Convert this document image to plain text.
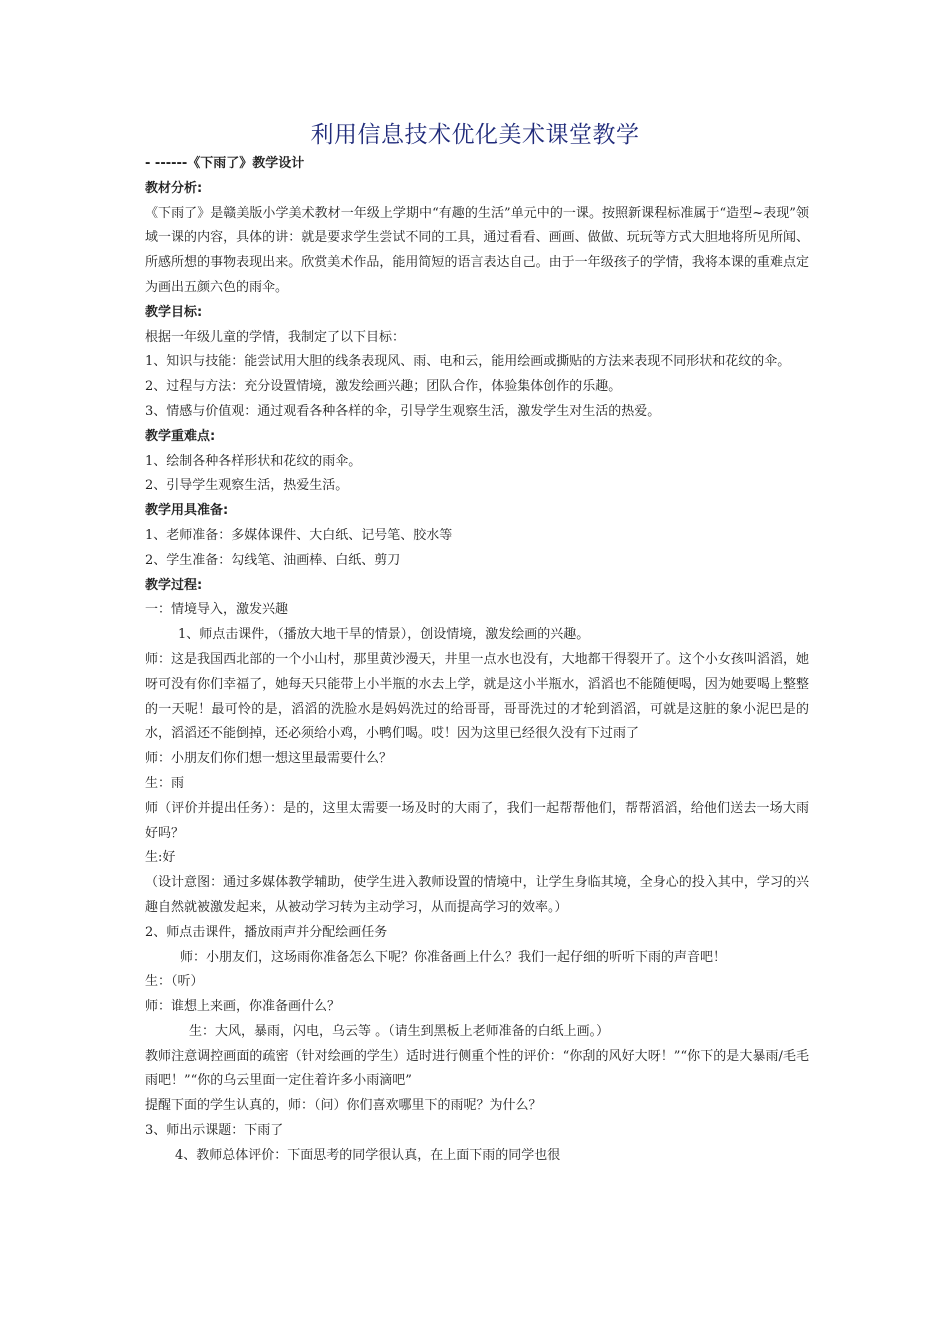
利用信息技术优化美术课堂教学

- ------《下雨了》教学设计

教材分析:

《下雨了》是赣美版小学美术教材一年级上学期中“有趣的生活”单元中的一课。按照新课程标准属于“造型~表现”领域一课的内容，具体的讲：就是要求学生尝试不同的工具，通过看看、画画、做做、玩玩等方式大胆地将所见所闻、所感所想的事物表现出来。欣赏美术作品，能用简短的语言表达自己。由于一年级孩子的学情，我将本课的重难点定为画出五颜六色的雨伞。

教学目标:

根据一年级儿童的学情，我制定了以下目标：

1、知识与技能：能尝试用大胆的线条表现风、雨、电和云，能用绘画或撕贴的方法来表现不同形状和花纹的伞。

2、过程与方法：充分设置情境，激发绘画兴趣；团队合作，体验集体创作的乐趣。

3、情感与价值观：通过观看各种各样的伞，引导学生观察生活，激发学生对生活的热爱。

教学重难点:

1、绘制各种各样形状和花纹的雨伞。

2、引导学生观察生活，热爱生活。

教学用具准备:

1、老师准备：多媒体课件、大白纸、记号笔、胶水等

2、学生准备：勾线笔、油画棒、白纸、剪刀

教学过程:

一：情境导入，激发兴趣

1、师点击课件，（播放大地干旱的情景），创设情境，激发绘画的兴趣。

师：这是我国西北部的一个小山村，那里黄沙漫天，井里一点水也没有，大地都干得裂开了。这个小女孩叫滔滔，她呀可没有你们幸福了，她每天只能带上小半瓶的水去上学，就是这小半瓶水，滔滔也不能随便喝，因为她要喝上整整的一天呢！最可怜的是，滔滔的洗脸水是妈妈洗过的给哥哥，哥哥洗过的才轮到滔滔，可就是这脏的象小泥巴是的水，滔滔还不能倒掉，还必须给小鸡，小鸭们喝。哎！因为这里已经很久没有下过雨了

师：小朋友们你们想一想这里最需要什么？

生：雨

师（评价并提出任务）：是的，这里太需要一场及时的大雨了，我们一起帮帮他们，帮帮滔滔，给他们送去一场大雨好吗？

生:好

（设计意图：通过多媒体教学辅助，使学生进入教师设置的情境中，让学生身临其境，全身心的投入其中，学习的兴趣自然就被激发起来，从被动学习转为主动学习，从而提高学习的效率。）

2、师点击课件，播放雨声并分配绘画任务

师：小朋友们，这场雨你准备怎么下呢？你准备画上什么？我们一起仔细的听听下雨的声音吧！

生：（听）

师：谁想上来画，你准备画什么？

生：大风，暴雨，闪电，乌云等 。（请生到黑板上老师准备的白纸上画。）

教师注意调控画面的疏密（针对绘画的学生）适时进行侧重个性的评价：“你刮的风好大呀！”“你下的是大暴雨/毛毛雨吧！”“你的乌云里面一定住着许多小雨滴吧”

提醒下面的学生认真的，师：（问）你们喜欢哪里下的雨呢？为什么？

3、师出示课题：下雨了

4、教师总体评价：下面思考的同学很认真，在上面下雨的同学也很
